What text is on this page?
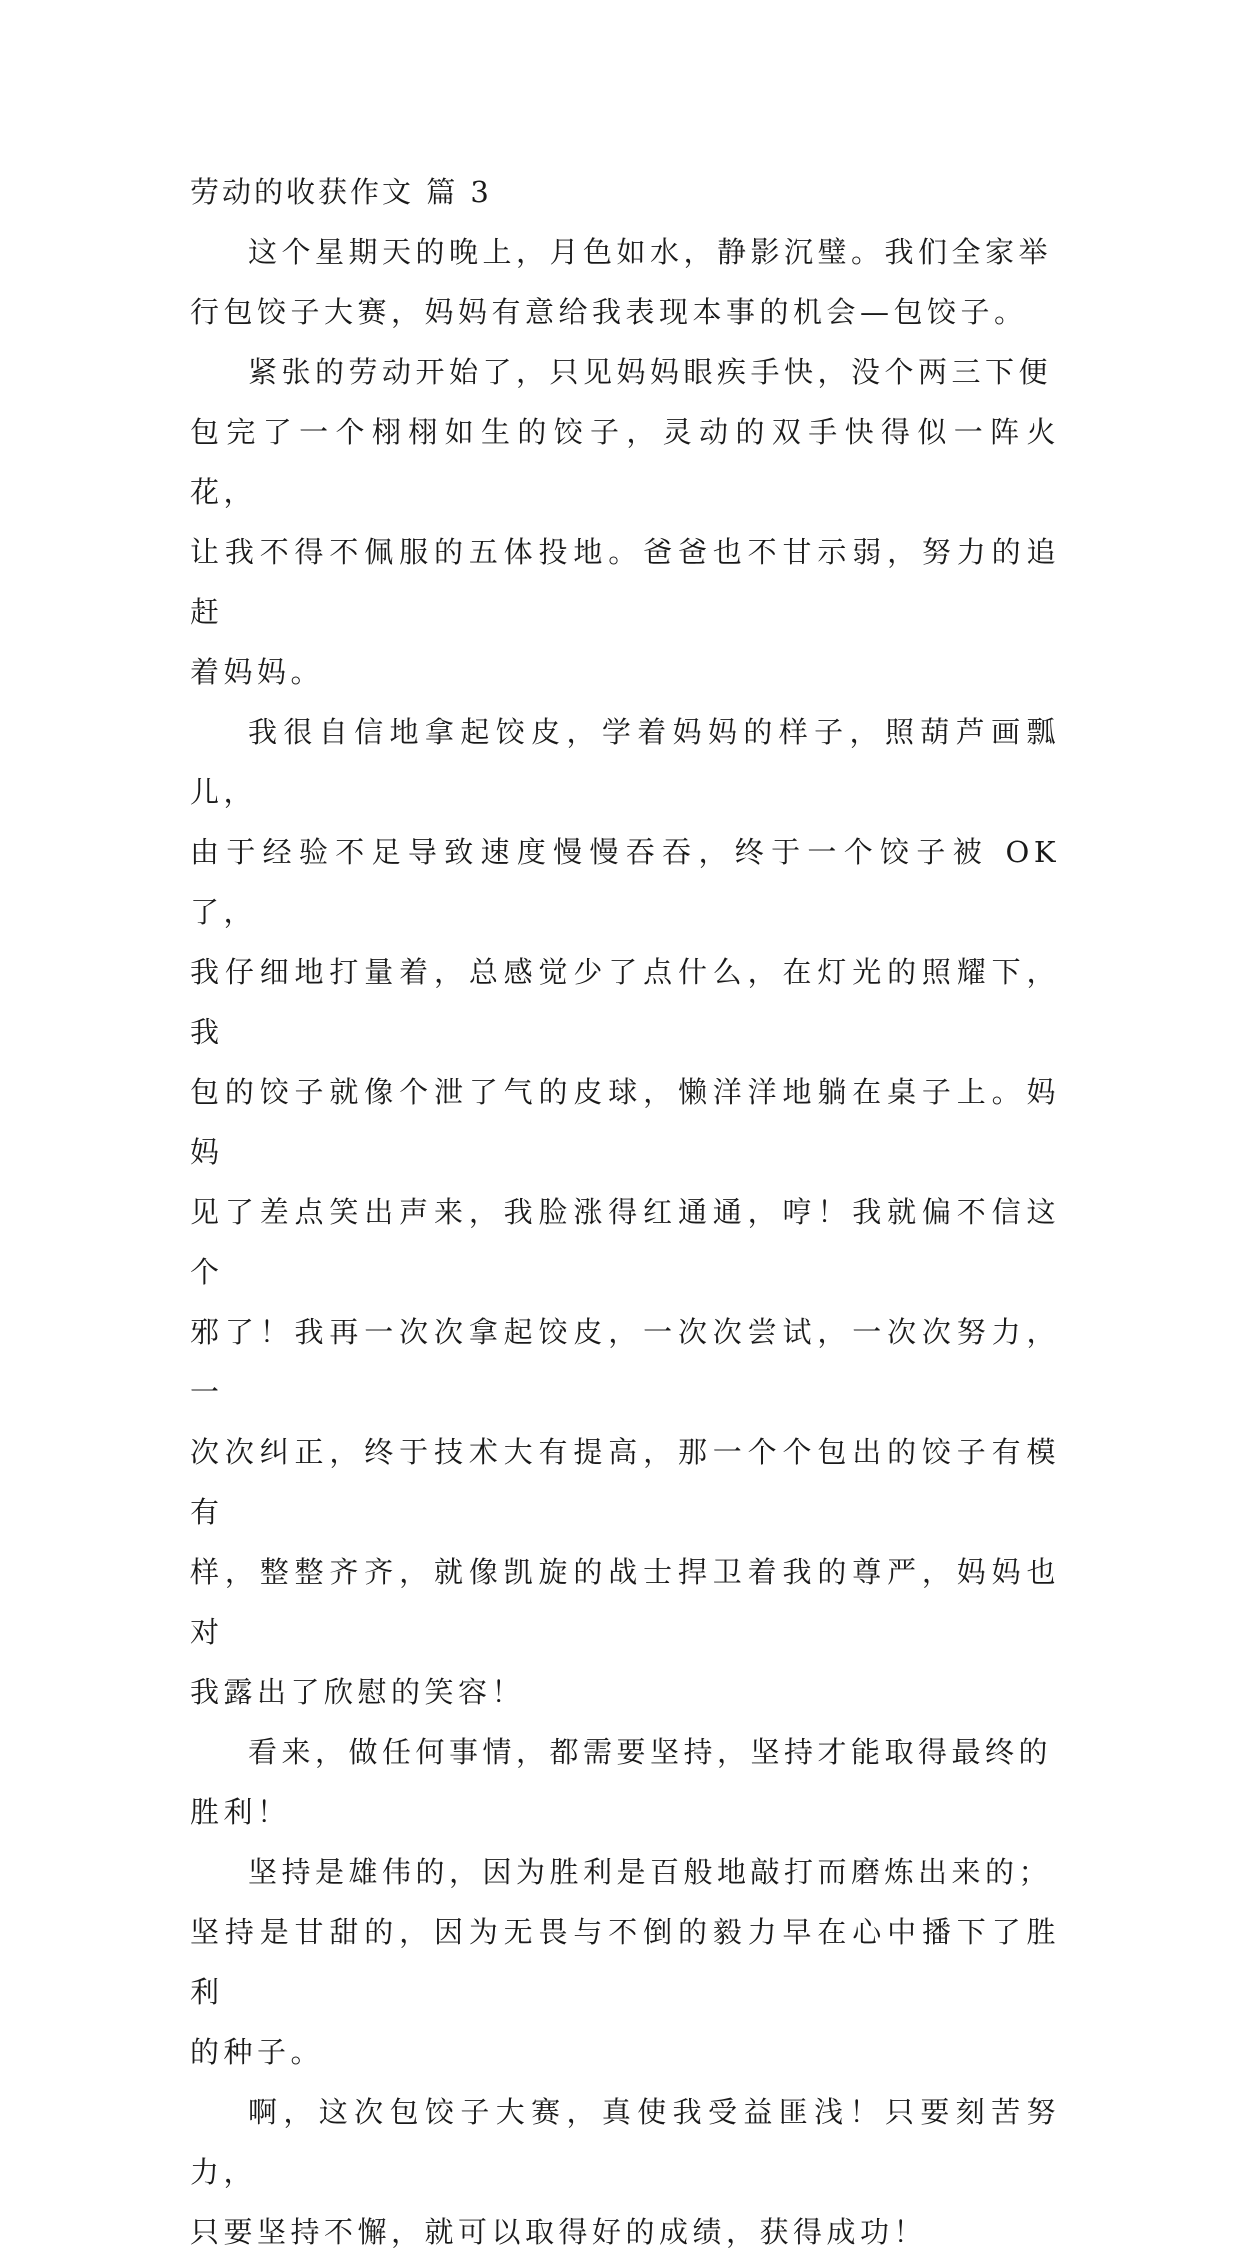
劳动的收获作文 篇 3

这个星期天的晚上，月色如水，静影沉璧。我们全家举
行包饺子大赛，妈妈有意给我表现本事的机会—包饺子。

紧张的劳动开始了，只见妈妈眼疾手快，没个两三下便
包完了一个栩栩如生的饺子，灵动的双手快得似一阵火花，
让我不得不佩服的五体投地。爸爸也不甘示弱，努力的追赶
着妈妈。

我很自信地拿起饺皮，学着妈妈的样子，照葫芦画瓢儿，
由于经验不足导致速度慢慢吞吞，终于一个饺子被 OK 了，
我仔细地打量着，总感觉少了点什么，在灯光的照耀下，我
包的饺子就像个泄了气的皮球，懒洋洋地躺在桌子上。妈妈
见了差点笑出声来，我脸涨得红通通，哼！我就偏不信这个
邪了！我再一次次拿起饺皮，一次次尝试，一次次努力，一
次次纠正，终于技术大有提高，那一个个包出的饺子有模有
样，整整齐齐，就像凯旋的战士捍卫着我的尊严，妈妈也对
我露出了欣慰的笑容！

看来，做任何事情，都需要坚持，坚持才能取得最终的
胜利！

坚持是雄伟的，因为胜利是百般地敲打而磨炼出来的；
坚持是甘甜的，因为无畏与不倒的毅力早在心中播下了胜利
的种子。

啊，这次包饺子大赛，真使我受益匪浅！只要刻苦努力，
只要坚持不懈，就可以取得好的成绩，获得成功！
